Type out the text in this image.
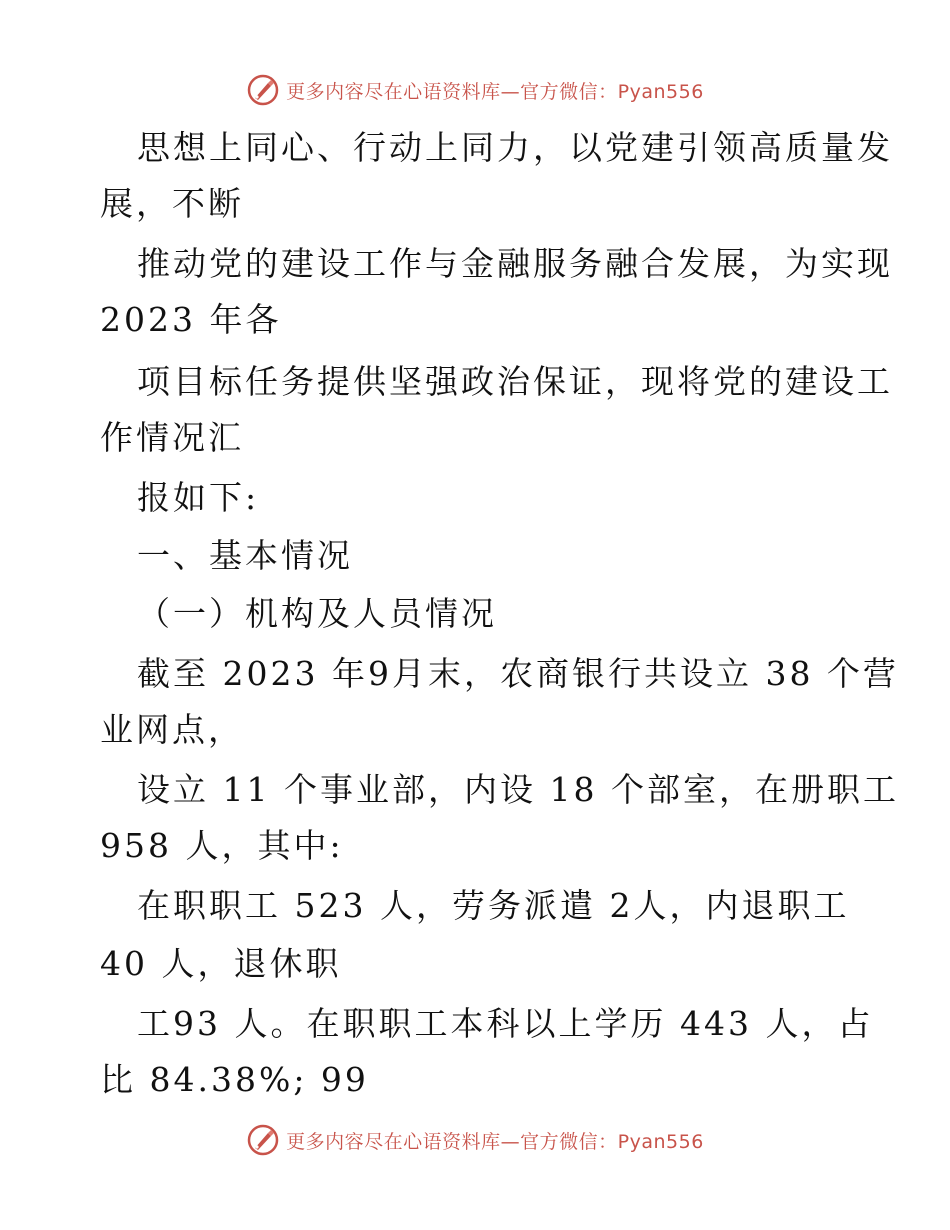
更多内容尽在心语资料库—官方微信：Pyan556
思想上同心、行动上同力，以党建引领高质量发
展，不断
推动党的建设工作与金融服务融合发展，为实现
2023 年各
项目标任务提供坚强政治保证，现将党的建设工
作情况汇
报如下:
一、基本情况
（一）机构及人员情况
截至 2023 年9月末，农商银行共设立 38 个营
业网点，
设立 11 个事业部，内设 18 个部室，在册职工
958 人，其中:
在职职工 523 人，劳务派遣 2人，内退职工
40 人，退休职
工93 人。在职职工本科以上学历 443 人，占
比 84.38%; 99
更多内容尽在心语资料库—官方微信：Pyan556
